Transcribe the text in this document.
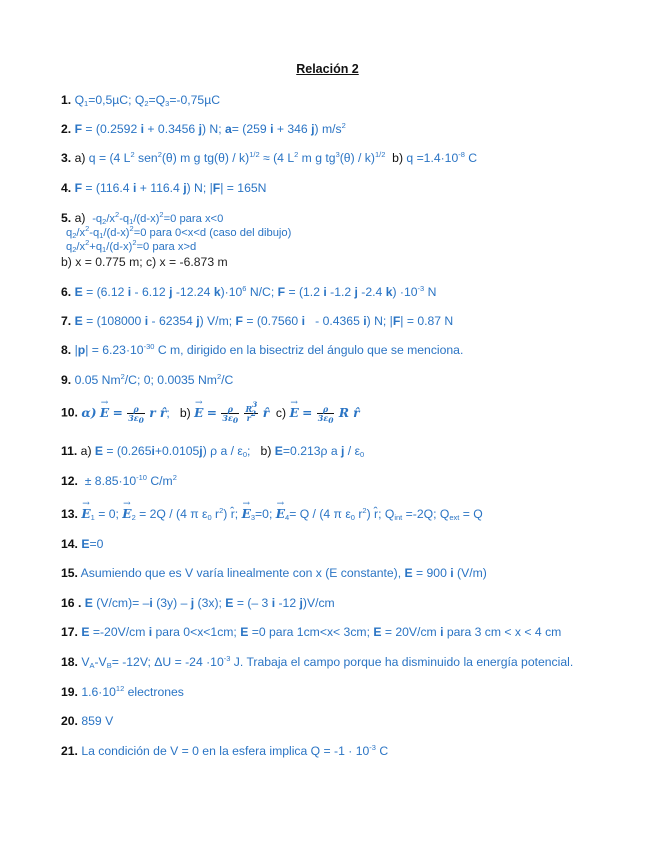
Relación 2
1. $Q_1=0,5\mu C$; $Q_2=Q_3=-0,75\mu C$
2. F = (0.2592 i + 0.3456 j) N; a= (259 i + 346 j) $m/s^2$
3. a) q = (4 $L^2$ sen$^2$(θ) m g tg(θ) / k)$^{1/2}$ ≈ (4 $L^2$ m g $tg^3(\theta) / k)^{1/2}$ b) $q =1.4\cdot 10^{-8}$ C
4. F = (116.4 i + 116.4 j) N; |F| = 165N
5. a) $-q_2/x^2-q_1/(d-x)^2=0$ para x<0
$q_2/x^2-q_1/(d-x)^2=0$ para 0<x<d (caso del dibujo)
$q_2/x^2+q_1/(d-x)^2=0$ para x>d
b) x = 0.775 m; c) x = -6.873 m
6. E = (6.12 i - 6.12 j -12.24 $k)\cdot 10^6$ N/C; F = (1.2 i -1.2 j -2.4 $k) \cdot 10^{-3}$ N
7. E = (108000 i - 62354 j) V/m; F = (0.7560 i   - 0.4365 i) N; |F| = 0.87 N
8. $|p| = 6.23\cdot 10^{-30}$ C m, dirigido en la bisectriz del ángulo que se menciona.
9. 0.05 Nm$^2$/C; 0; 0.0035 Nm$^2$/C
10. $\alpha) \to E = \frac{\rho}{3\varepsilon_0}$ r r̂;   $b) \to E = \frac{\rho}{3\varepsilon_0}$
$\frac{R^3}{r^2}$ r̂ $c) \to E = \frac{\rho}{3\varepsilon_0}$ R r̂
11. a) E = (0.265i+0.0105j) ρ a / $\varepsilon_0$;   b) E=0.213ρ a j / $\varepsilon_0$
12.  ± $8.85\cdot 10^{-10}$ $C/m^2$
13. → $E_1 = 0$; → $E_2 = 2Q / (4$ π $\varepsilon_0$ $r^2$) r̂; → $E_3=0$; → $E_4= Q / (4$ π $\varepsilon_0$ $r^2$) r̂; $Q_{int} =-2Q$; $Q_{ext} = Q$
14. E=0
15. Asumiendo que es V varía linealmente con x (E constante), E = 900 i (V/m)
16 . E (V/cm)= –i (3y) – j (3x); E = (– 3 i -12 j)V/cm
17. E =-20V/cm i para 0<x<1cm; E =0 para 1cm<x< 3cm; E = 20V/cm i para 3 cm < x < 4 cm
18. $V_A-V_B= -12V$; $\Delta U = -24 \cdot 10^{-3}$ J. Trabaja el campo porque ha disminuido la energía potencial.
19. $1.6\cdot 10^{12}$ electrones
20. 859 V
21. La condición de V = 0 en la esfera implica $Q = -1 \cdot 10^{-3}$ C
